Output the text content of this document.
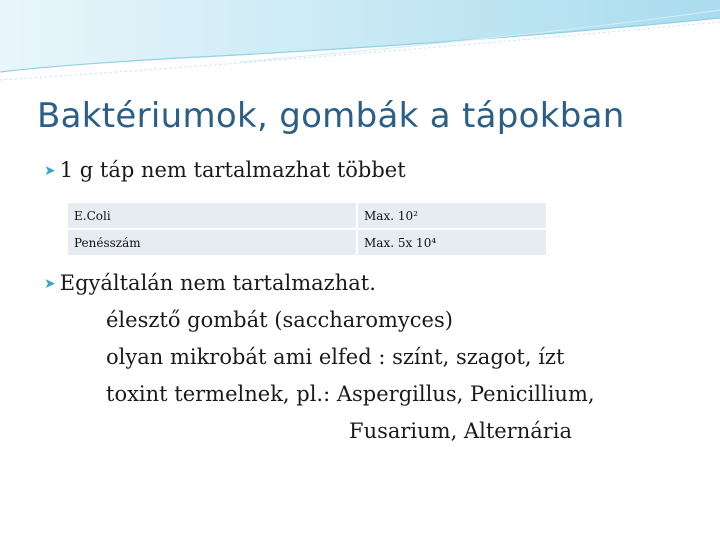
Baktériumok, gombák a tápokban
➤ 1 g táp nem tartalmazhat többet
E.Coli	Max. 10²
Penésszám	Max. 5x 10⁴
➤ Egyáltalán nem tartalmazhat.

élesztő gombát (saccharomyces)

olyan mikrobát ami elfed : színt, szagot, ízt

toxint termelnek, pl.: Aspergillus, Penicillium,

Fusarium, Alternária
